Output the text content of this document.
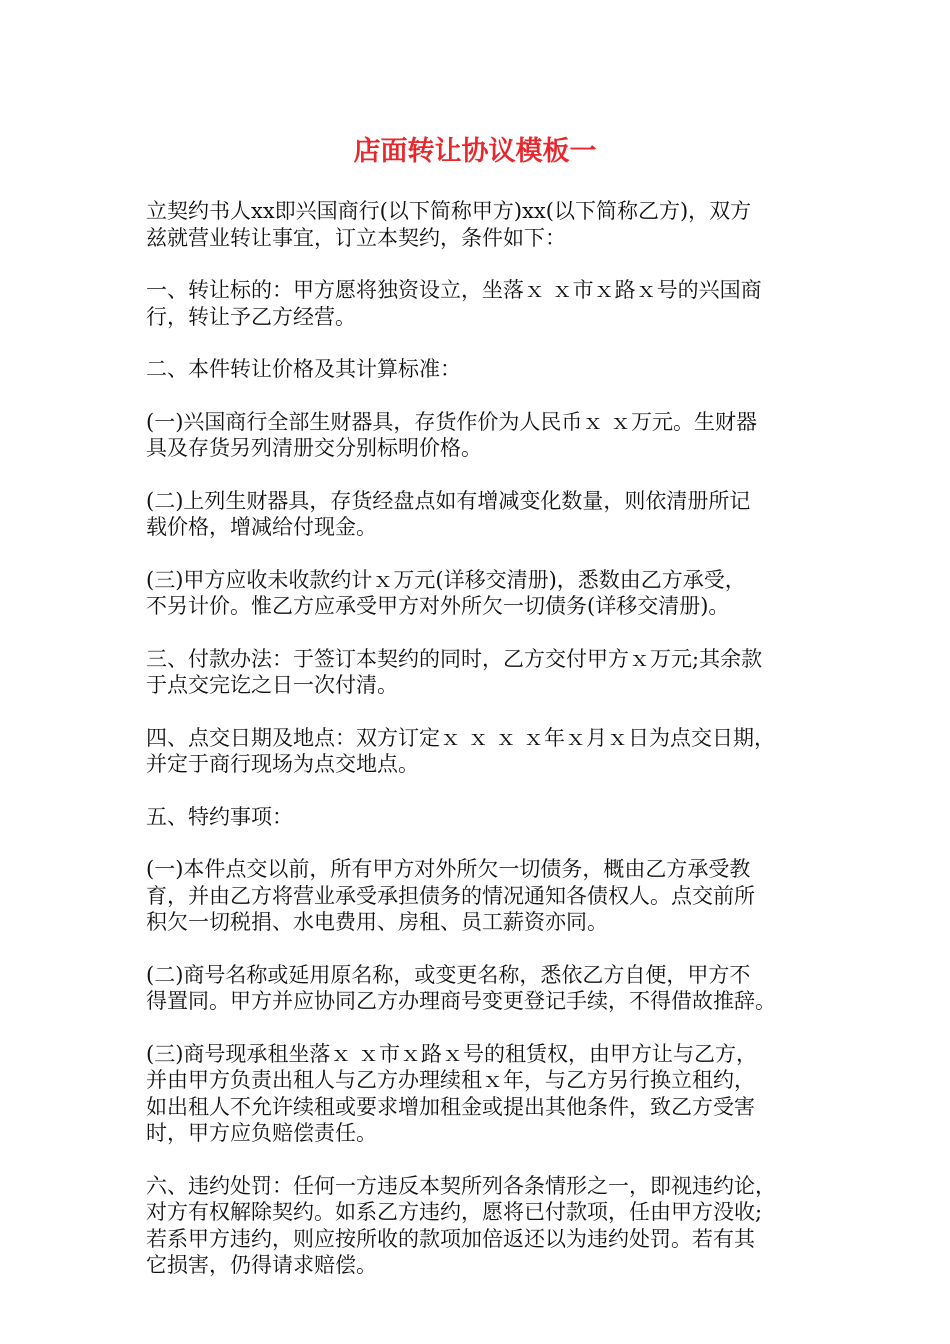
店面转让协议模板一

立契约书人xx即兴国商行(以下简称甲方)xx(以下简称乙方)，双方
兹就营业转让事宜，订立本契约，条件如下：

一、转让标的：甲方愿将独资设立，坐落ｘ ｘ市ｘ路ｘ号的兴国商
行，转让予乙方经营。

二、本件转让价格及其计算标准：

(一)兴国商行全部生财器具，存货作价为人民币ｘ ｘ万元。生财器
具及存货另列清册交分别标明价格。

(二)上列生财器具，存货经盘点如有增减变化数量，则依清册所记
载价格，增减给付现金。

(三)甲方应收未收款约计ｘ万元(详移交清册)，悉数由乙方承受，
不另计价。惟乙方应承受甲方对外所欠一切债务(详移交清册)。

三、付款办法：于签订本契约的同时，乙方交付甲方ｘ万元;其余款
于点交完讫之日一次付清。

四、点交日期及地点：双方订定ｘ ｘ ｘ ｘ年ｘ月ｘ日为点交日期，
并定于商行现场为点交地点。

五、特约事项：

(一)本件点交以前，所有甲方对外所欠一切债务，概由乙方承受教
育，并由乙方将营业承受承担债务的情况通知各债权人。点交前所
积欠一切税捐、水电费用、房租、员工薪资亦同。

(二)商号名称或延用原名称，或变更名称，悉依乙方自便，甲方不
得置同。甲方并应协同乙方办理商号变更登记手续，不得借故推辞。

(三)商号现承租坐落ｘ ｘ市ｘ路ｘ号的租赁权，由甲方让与乙方，
并由甲方负责出租人与乙方办理续租ｘ年，与乙方另行换立租约，
如出租人不允许续租或要求增加租金或提出其他条件，致乙方受害
时，甲方应负赔偿责任。

六、违约处罚：任何一方违反本契所列各条情形之一，即视违约论，
对方有权解除契约。如系乙方违约，愿将已付款项，任由甲方没收;
若系甲方违约，则应按所收的款项加倍返还以为违约处罚。若有其
它损害，仍得请求赔偿。
